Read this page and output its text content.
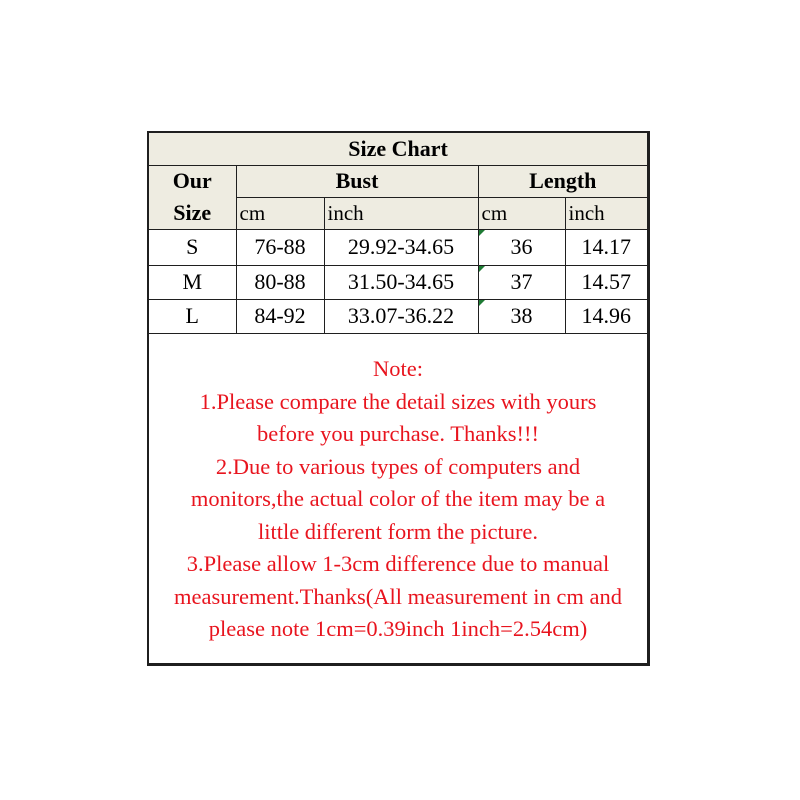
Size Chart				
Our	Bust		Length	
Size	cm	inch	cm	inch
S	76-88	29.92-34.65	36	14.17
M	80-88	31.50-34.65	37	14.57
L	84-92	33.07-36.22	38	14.96
Note:
1.Please compare the detail sizes with yours
before you purchase. Thanks!!!
2.Due to various types of computers and
monitors,the actual color of the item may be a
little different form the picture.
3.Please allow 1-3cm difference due to manual
measurement.Thanks(All measurement in cm and
please note 1cm=0.39inch 1inch=2.54cm)
